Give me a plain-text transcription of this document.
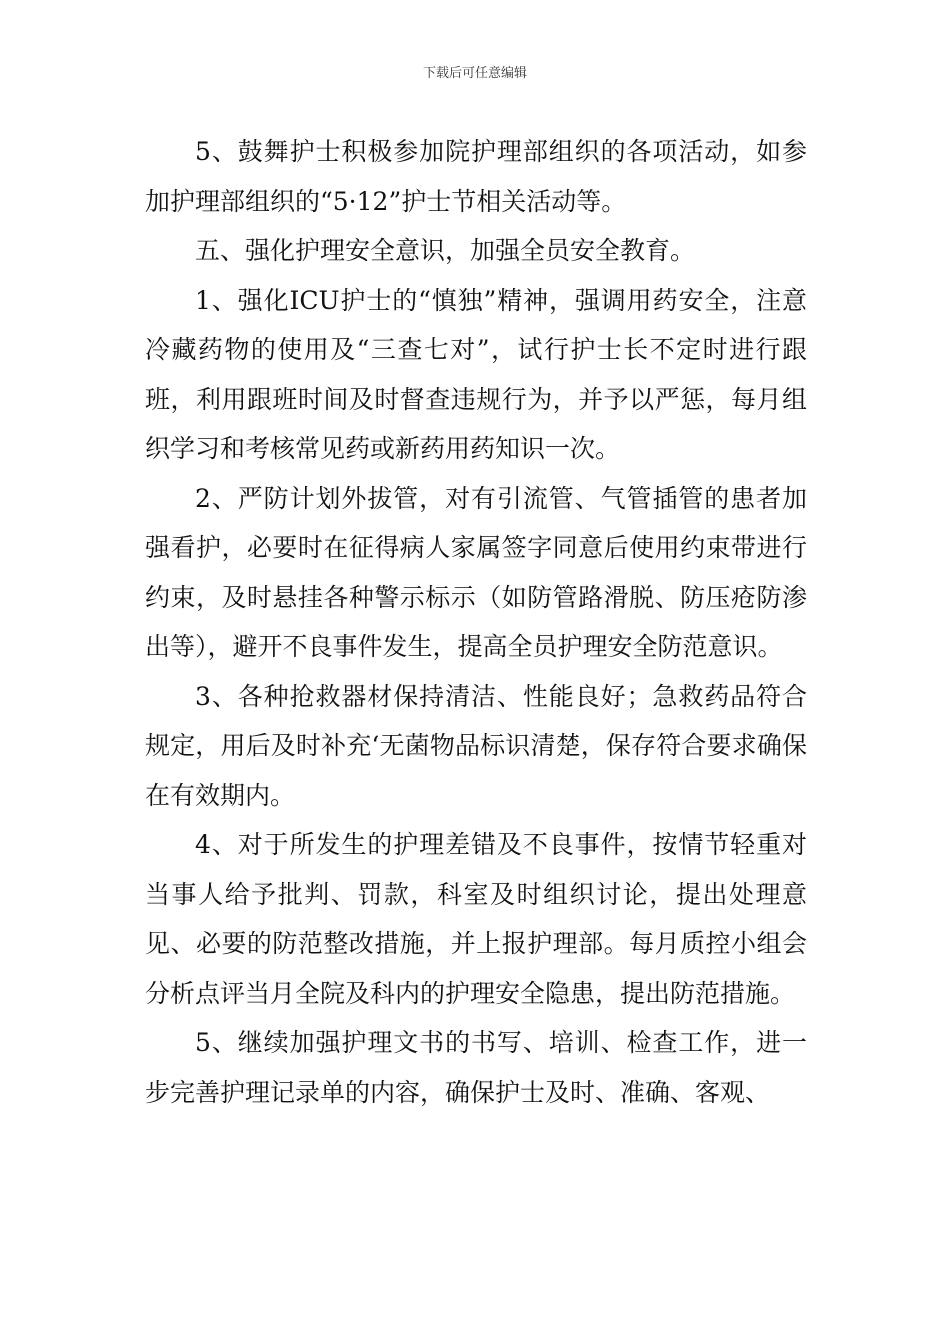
下载后可任意编辑

5、鼓舞护士积极参加院护理部组织的各项活动，如参加护理部组织的“5·12”护士节相关活动等。

五、强化护理安全意识，加强全员安全教育。

1、强化ICU护士的“慎独”精神，强调用药安全，注意冷藏药物的使用及“三查七对”，试行护士长不定时进行跟班，利用跟班时间及时督查违规行为，并予以严惩，每月组织学习和考核常见药或新药用药知识一次。

2、严防计划外拔管，对有引流管、气管插管的患者加强看护，必要时在征得病人家属签字同意后使用约束带进行约束，及时悬挂各种警示标示（如防管路滑脱、防压疮防渗出等），避开不良事件发生，提高全员护理安全防范意识。

3、各种抢救器材保持清洁、性能良好；急救药品符合规定，用后及时补充‘无菌物品标识清楚，保存符合要求确保在有效期内。

4、对于所发生的护理差错及不良事件，按情节轻重对当事人给予批判、罚款，科室及时组织讨论，提出处理意见、必要的防范整改措施，并上报护理部。每月质控小组会分析点评当月全院及科内的护理安全隐患，提出防范措施。

5、继续加强护理文书的书写、培训、检查工作，进一步完善护理记录单的内容，确保护士及时、准确、客观、
